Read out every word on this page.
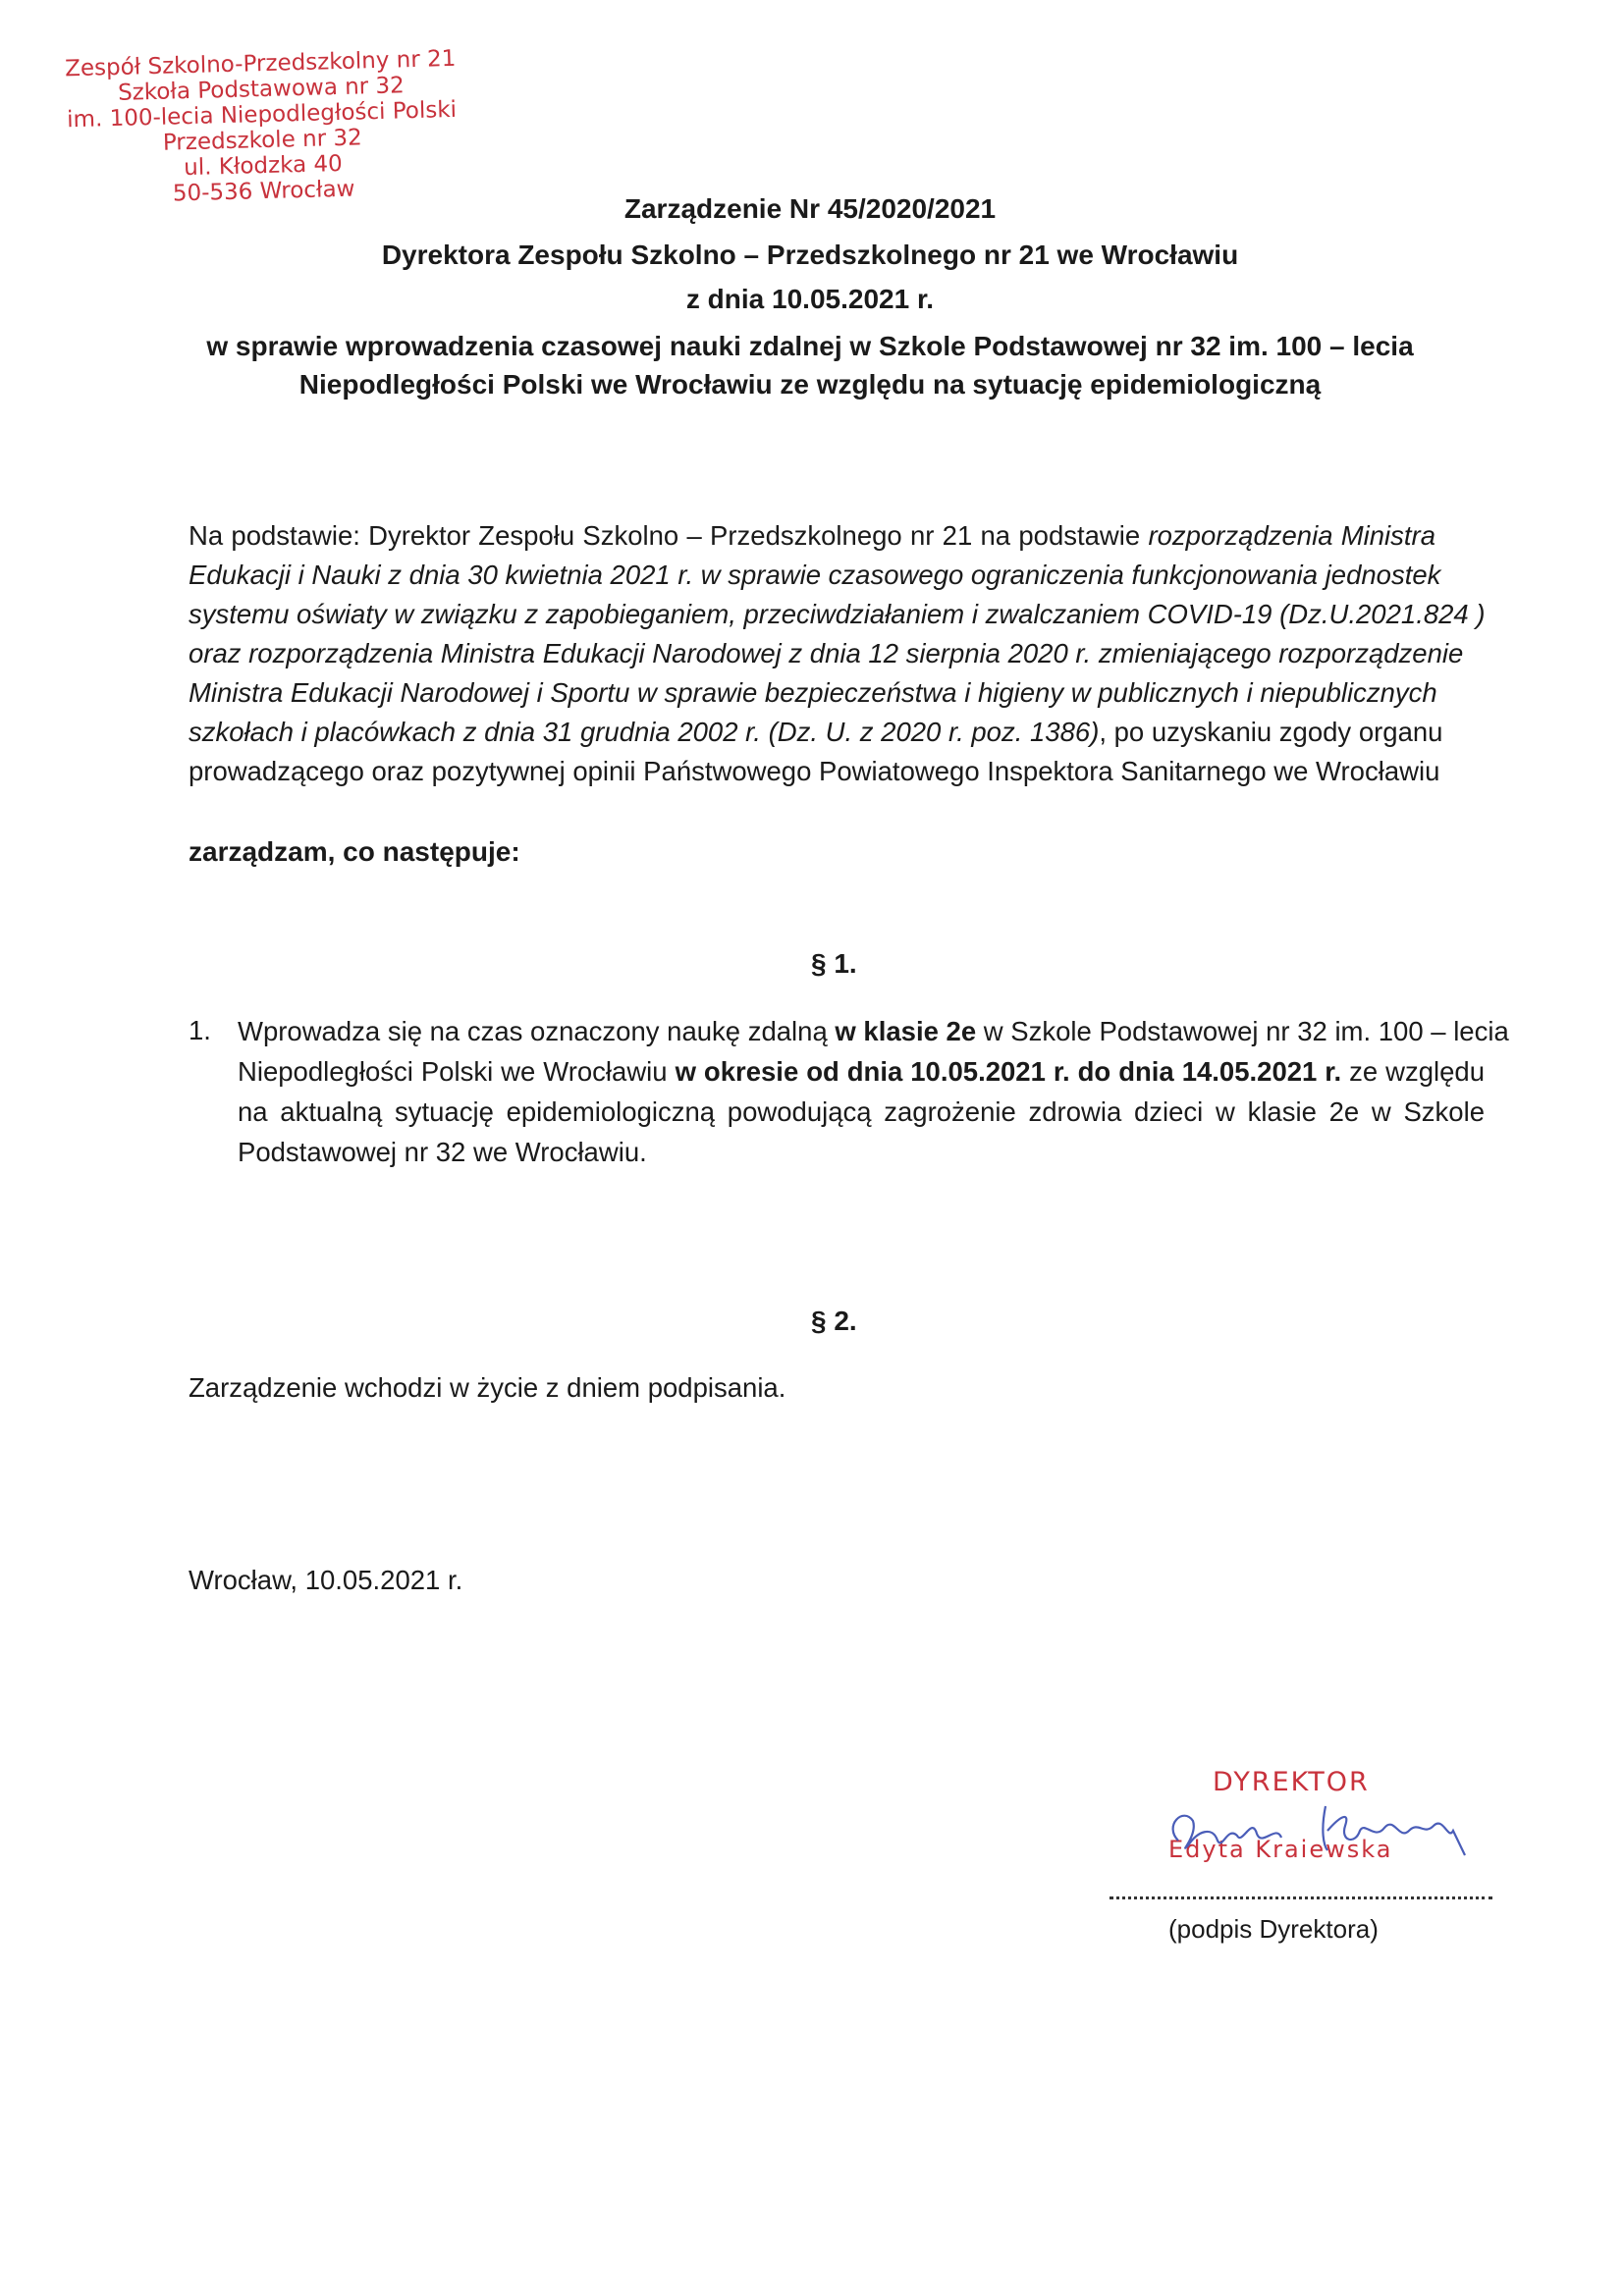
Zespół Szkolno-Przedszkolny nr 21
Szkoła Podstawowa nr 32
im. 100-lecia Niepodległości Polski
Przedszkole nr 32
ul. Kłodzka 40
50-536 Wrocław
Zarządzenie Nr 45/2020/2021
Dyrektora Zespołu Szkolno – Przedszkolnego nr 21 we Wrocławiu
z dnia 10.05.2021 r.
w sprawie wprowadzenia czasowej nauki zdalnej w Szkole Podstawowej nr 32 im. 100 – lecia
Niepodległości Polski we Wrocławiu ze względu na sytuację epidemiologiczną
Na podstawie: Dyrektor Zespołu Szkolno – Przedszkolnego nr 21 na podstawie rozporządzenia Ministra
Edukacji i Nauki z dnia 30 kwietnia 2021 r. w sprawie czasowego ograniczenia funkcjonowania jednostek
systemu oświaty w związku z zapobieganiem, przeciwdziałaniem i zwalczaniem COVID-19 (Dz.U.2021.824 )
oraz rozporządzenia Ministra Edukacji Narodowej z dnia 12 sierpnia 2020 r. zmieniającego rozporządzenie
Ministra Edukacji Narodowej i Sportu w sprawie bezpieczeństwa i higieny w publicznych i niepublicznych
szkołach i placówkach z dnia 31 grudnia 2002 r. (Dz. U. z 2020 r. poz. 1386), po uzyskaniu zgody organu
prowadzącego oraz pozytywnej opinii Państwowego Powiatowego Inspektora Sanitarnego we Wrocławiu
zarządzam, co następuje:
§ 1.
1. Wprowadza się na czas oznaczony naukę zdalną w klasie 2e w Szkole Podstawowej nr 32 im. 100 – lecia
Niepodległości Polski we Wrocławiu w okresie od dnia 10.05.2021 r. do dnia 14.05.2021 r. ze względu
na aktualną sytuację epidemiologiczną powodującą zagrożenie zdrowia dzieci w klasie 2e w Szkole
Podstawowej nr 32 we Wrocławiu.
§ 2.
Zarządzenie wchodzi w życie z dniem podpisania.
Wrocław, 10.05.2021 r.
DYREKTOR
Edyta Kraiewska
(podpis Dyrektora)
